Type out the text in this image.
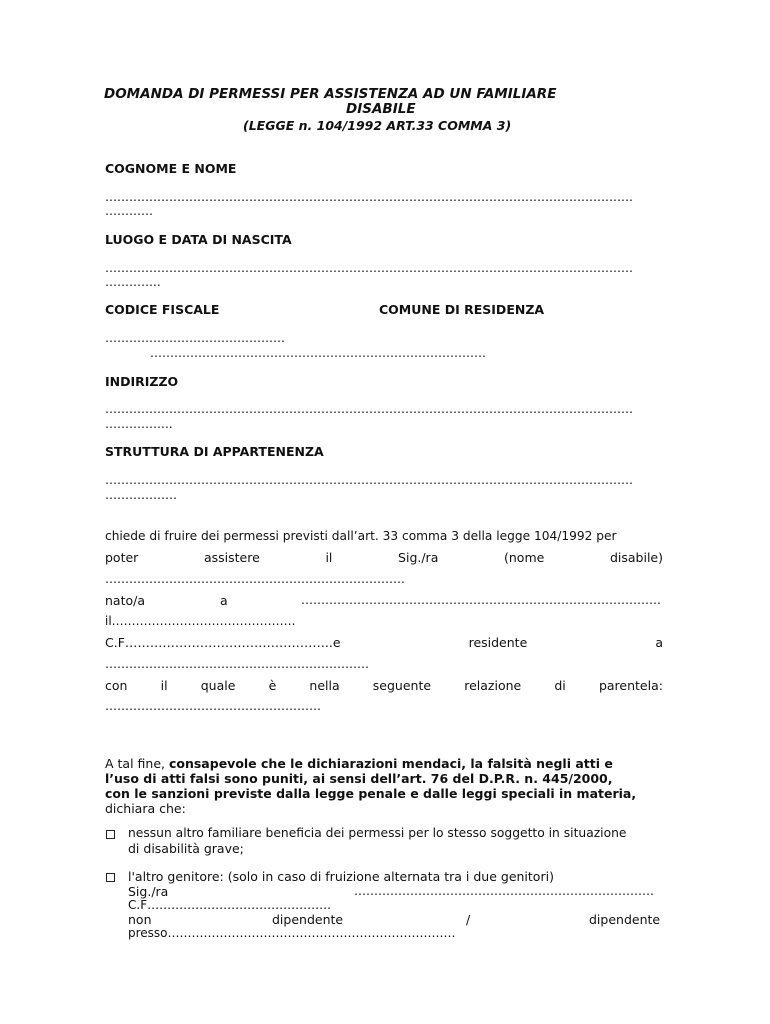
DOMANDA DI PERMESSI PER ASSISTENZA AD UN FAMILIARE
DISABILE
(LEGGE n. 104/1992 ART.33 COMMA 3)
COGNOME E NOME
……………………………………………………………………………………………………………………
…………
LUOGO E DATA DI NASCITA
……………………………………………………………………………………………………………………
…………..
CODICE FISCALE	COMUNE DI RESIDENZA
………………………………………
…………………………………………………………………………
INDIRIZZO
……………………………………………………………………………………………………………………
……………..
STRUTTURA DI APPARTENENZA
……………………………………………………………………………………………………………………
………………
chiede di fruire dei permessi previsti dall’art. 33 comma 3 della legge 104/1992 per
poter	assistere	il	Sig./ra	(nome	disabile)
…………………………………………………………………
nato/a	a	………………………………………………………………………………
il……………………………………….
C.F…………………………………………..e	residente	a
…………………………………………………………
con	il	quale	è	nella	seguente	relazione	di	parentela:
………………………………………………
A tal fine, consapevole che le dichiarazioni mendaci, la falsità negli atti e
l’uso di atti falsi sono puniti, ai sensi dell’art. 76 del D.P.R. n. 445/2000,
con le sanzioni previste dalla legge penale e dalle leggi speciali in materia,
dichiara che:
nessun altro familiare beneficia dei permessi per lo stesso soggetto in situazione
di disabilità grave;
l'altro genitore: (solo in caso di fruizione alternata tra i due genitori)
Sig./ra	…………………………………………………………………
C.F……………………………………….
non	dipendente	/	dipendente
presso………………………………………………………………
